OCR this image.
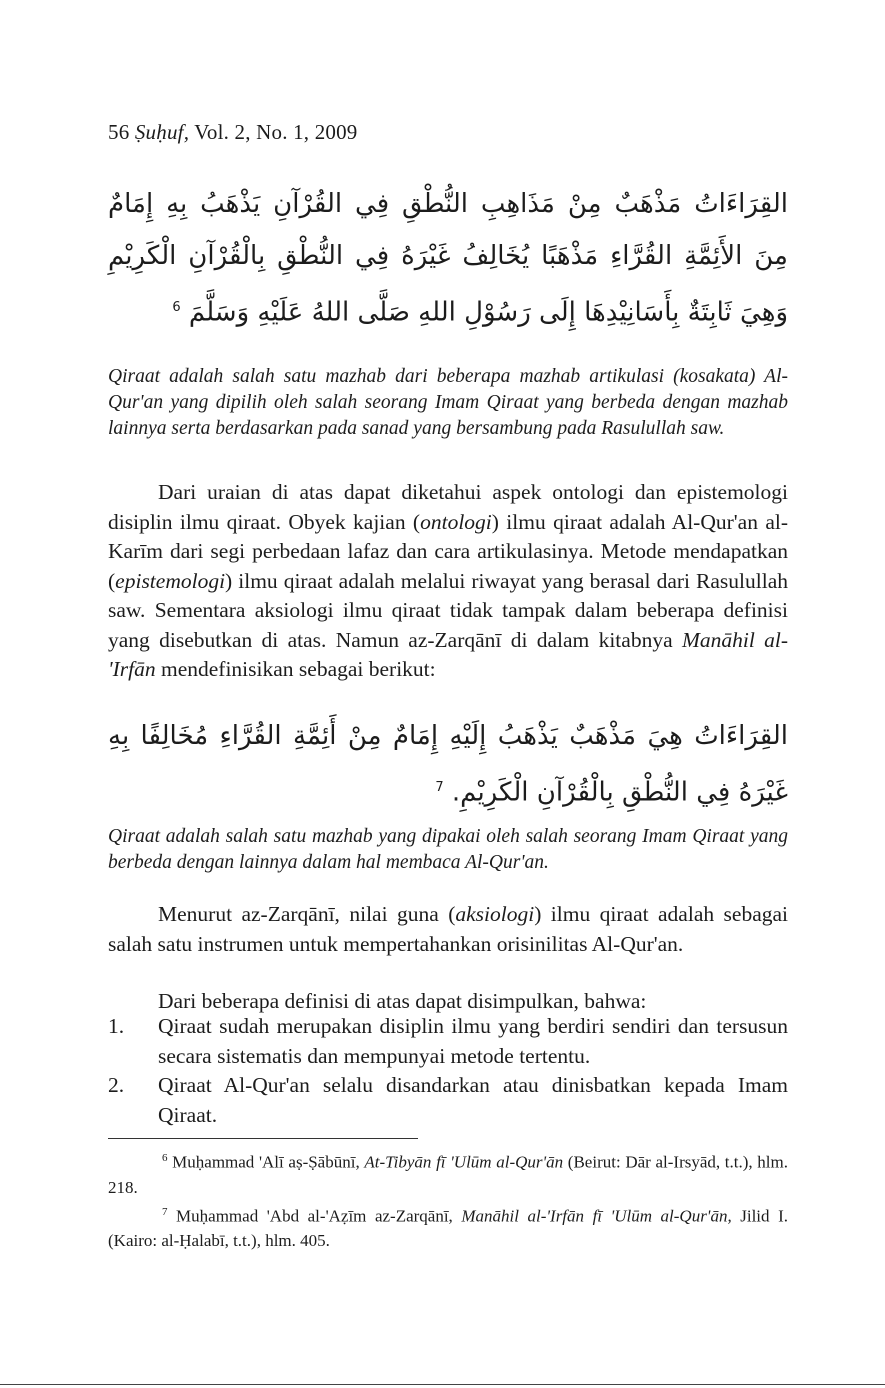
56 Ṣuḥuf, Vol. 2, No. 1, 2009
القِرَاءَاتُ مَذْهَبٌ مِنْ مَذَاهِبِ النُّطْقِ فِي القُرْآنِ يَذْهَبُ بِهِ إِمَامٌ مِنَ الأَئِمَّةِ القُرَّاءِ مَذْهَبًا يُخَالِفُ غَيْرَهُ فِي النُّطْقِ بِالْقُرْآنِ الْكَرِيْمِ وَهِيَ ثَابِتَةٌ بِأَسَانِيْدِهَا إِلَى رَسُوْلِ اللهِ صَلَّى اللهُ عَلَيْهِ وَسَلَّمَ $^6$

Qiraat adalah salah satu mazhab dari beberapa mazhab artikulasi (kosakata) Al-Qur'an yang dipilih oleh salah seorang Imam Qiraat yang berbeda dengan mazhab lainnya serta berdasarkan pada sanad yang bersambung pada Rasulullah saw.

Dari uraian di atas dapat diketahui aspek ontologi dan epistemologi disiplin ilmu qiraat. Obyek kajian (ontologi) ilmu qiraat adalah Al-Qur'an al-Karīm dari segi perbedaan lafaz dan cara artikulasinya. Metode mendapatkan (epistemologi) ilmu qiraat adalah melalui riwayat yang berasal dari Rasulullah saw. Sementara aksiologi ilmu qiraat tidak tampak dalam beberapa definisi yang disebutkan di atas. Namun az-Zarqānī di dalam kitabnya Manāhil al-'Irfān mendefinisikan sebagai berikut:

القِرَاءَاتُ هِيَ مَذْهَبٌ يَذْهَبُ إِلَيْهِ إِمَامٌ مِنْ أَئِمَّةِ القُرَّاءِ مُخَالِفًا بِهِ غَيْرَهُ فِي النُّطْقِ بِالْقُرْآنِ الْكَرِيْمِ. $^7$

Qiraat adalah salah satu mazhab yang dipakai oleh salah seorang Imam Qiraat yang berbeda dengan lainnya dalam hal membaca Al-Qur'an.

Menurut az-Zarqānī, nilai guna (aksiologi) ilmu qiraat adalah sebagai salah satu instrumen untuk mempertahankan orisinilitas Al-Qur'an.

Dari beberapa definisi di atas dapat disimpulkan, bahwa:

1. Qiraat sudah merupakan disiplin ilmu yang berdiri sendiri dan tersusun secara sistematis dan mempunyai metode tertentu.
2. Qiraat Al-Qur'an selalu disandarkan atau dinisbatkan kepada Imam Qiraat.

$^6$ Muḥammad 'Alī aṣ-Ṣābūnī, At-Tibyān fī 'Ulūm al-Qur'ān (Beirut: Dār al-Irsyād, t.t.), hlm. 218.

$^7$ Muḥammad 'Abd al-'Aẓīm az-Zarqānī, Manāhil al-'Irfān fī 'Ulūm al-Qur'ān, Jilid I. (Kairo: al-Ḥalabī, t.t.), hlm. 405.
